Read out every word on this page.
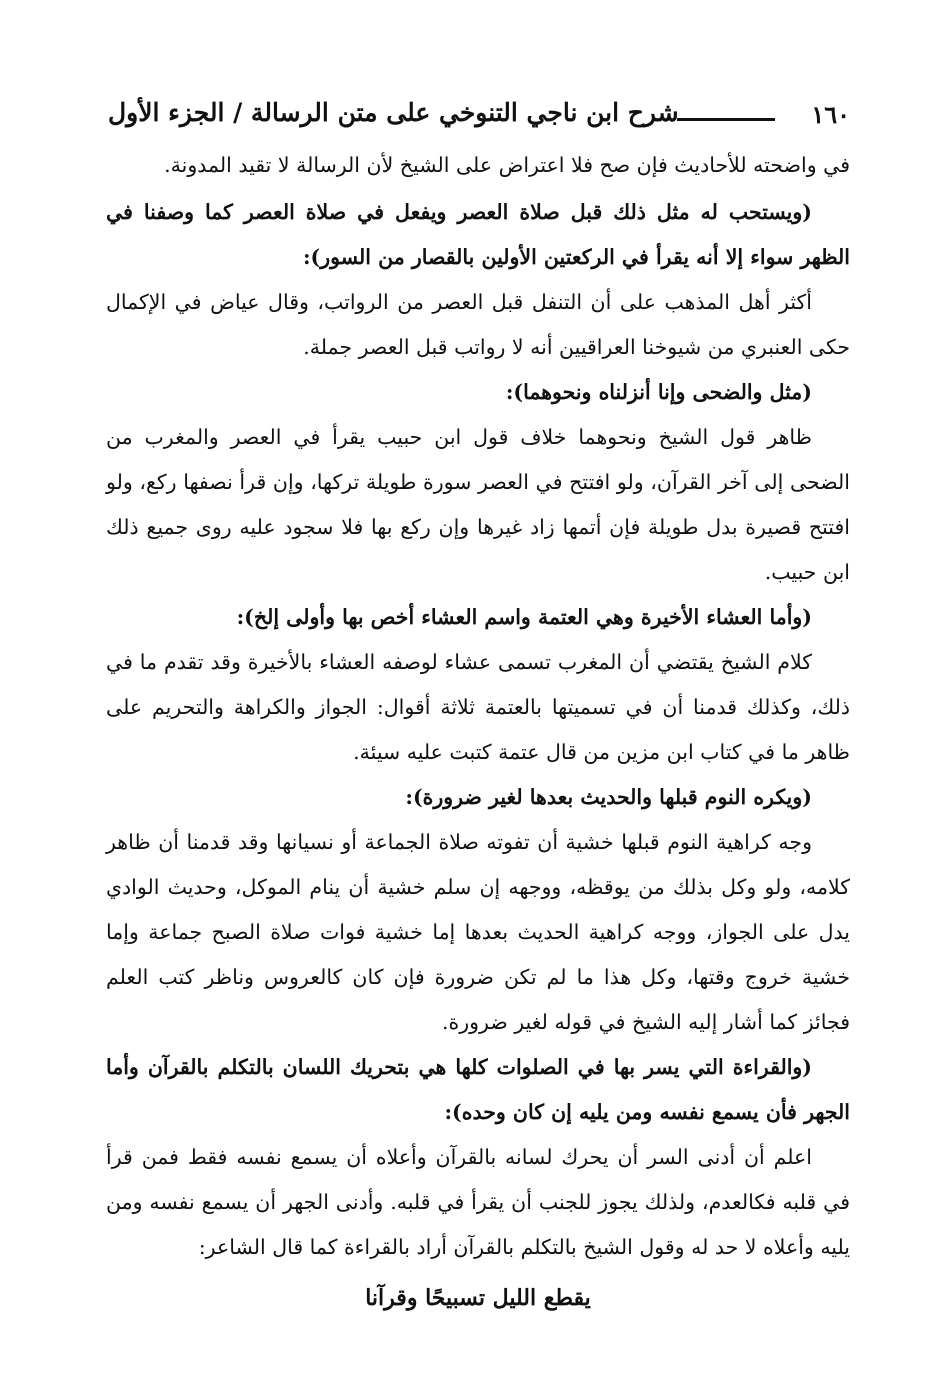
١٦٠
شرح ابن ناجي التنوخي على متن الرسالة / الجزء الأول

في واضحته للأحاديث فإن صح فلا اعتراض على الشيخ لأن الرسالة لا تقيد المدونة.

(ويستحب له مثل ذلك قبل صلاة العصر ويفعل في صلاة العصر كما وصفنا في الظهر سواء إلا أنه يقرأ في الركعتين الأولين بالقصار من السور):

أكثر أهل المذهب على أن التنفل قبل العصر من الرواتب، وقال عياض في الإكمال حكى العنبري من شيوخنا العراقيين أنه لا رواتب قبل العصر جملة.

(مثل والضحى وإنا أنزلناه ونحوهما):

ظاهر قول الشيخ ونحوهما خلاف قول ابن حبيب يقرأ في العصر والمغرب من الضحى إلى آخر القرآن، ولو افتتح في العصر سورة طويلة تركها، وإن قرأ نصفها ركع، ولو افتتح قصيرة بدل طويلة فإن أتمها زاد غيرها وإن ركع بها فلا سجود عليه روى جميع ذلك ابن حبيب.

(وأما العشاء الأخيرة وهي العتمة واسم العشاء أخص بها وأولى إلخ):

كلام الشيخ يقتضي أن المغرب تسمى عشاء لوصفه العشاء بالأخيرة وقد تقدم ما في ذلك، وكذلك قدمنا أن في تسميتها بالعتمة ثلاثة أقوال: الجواز والكراهة والتحريم على ظاهر ما في كتاب ابن مزين من قال عتمة كتبت عليه سيئة.

(ويكره النوم قبلها والحديث بعدها لغير ضرورة):

وجه كراهية النوم قبلها خشية أن تفوته صلاة الجماعة أو نسيانها وقد قدمنا أن ظاهر كلامه، ولو وكل بذلك من يوقظه، ووجهه إن سلم خشية أن ينام الموكل، وحديث الوادي يدل على الجواز، ووجه كراهية الحديث بعدها إما خشية فوات صلاة الصبح جماعة وإما خشية خروج وقتها، وكل هذا ما لم تكن ضرورة فإن كان كالعروس وناظر كتب العلم فجائز كما أشار إليه الشيخ في قوله لغير ضرورة.

(والقراءة التي يسر بها في الصلوات كلها هي بتحريك اللسان بالتكلم بالقرآن وأما الجهر فأن يسمع نفسه ومن يليه إن كان وحده):

اعلم أن أدنى السر أن يحرك لسانه بالقرآن وأعلاه أن يسمع نفسه فقط فمن قرأ في قلبه فكالعدم، ولذلك يجوز للجنب أن يقرأ في قلبه. وأدنى الجهر أن يسمع نفسه ومن يليه وأعلاه لا حد له وقول الشيخ بالتكلم بالقرآن أراد بالقراءة كما قال الشاعر:

يقطع الليل تسبيحًا وقرآنا
